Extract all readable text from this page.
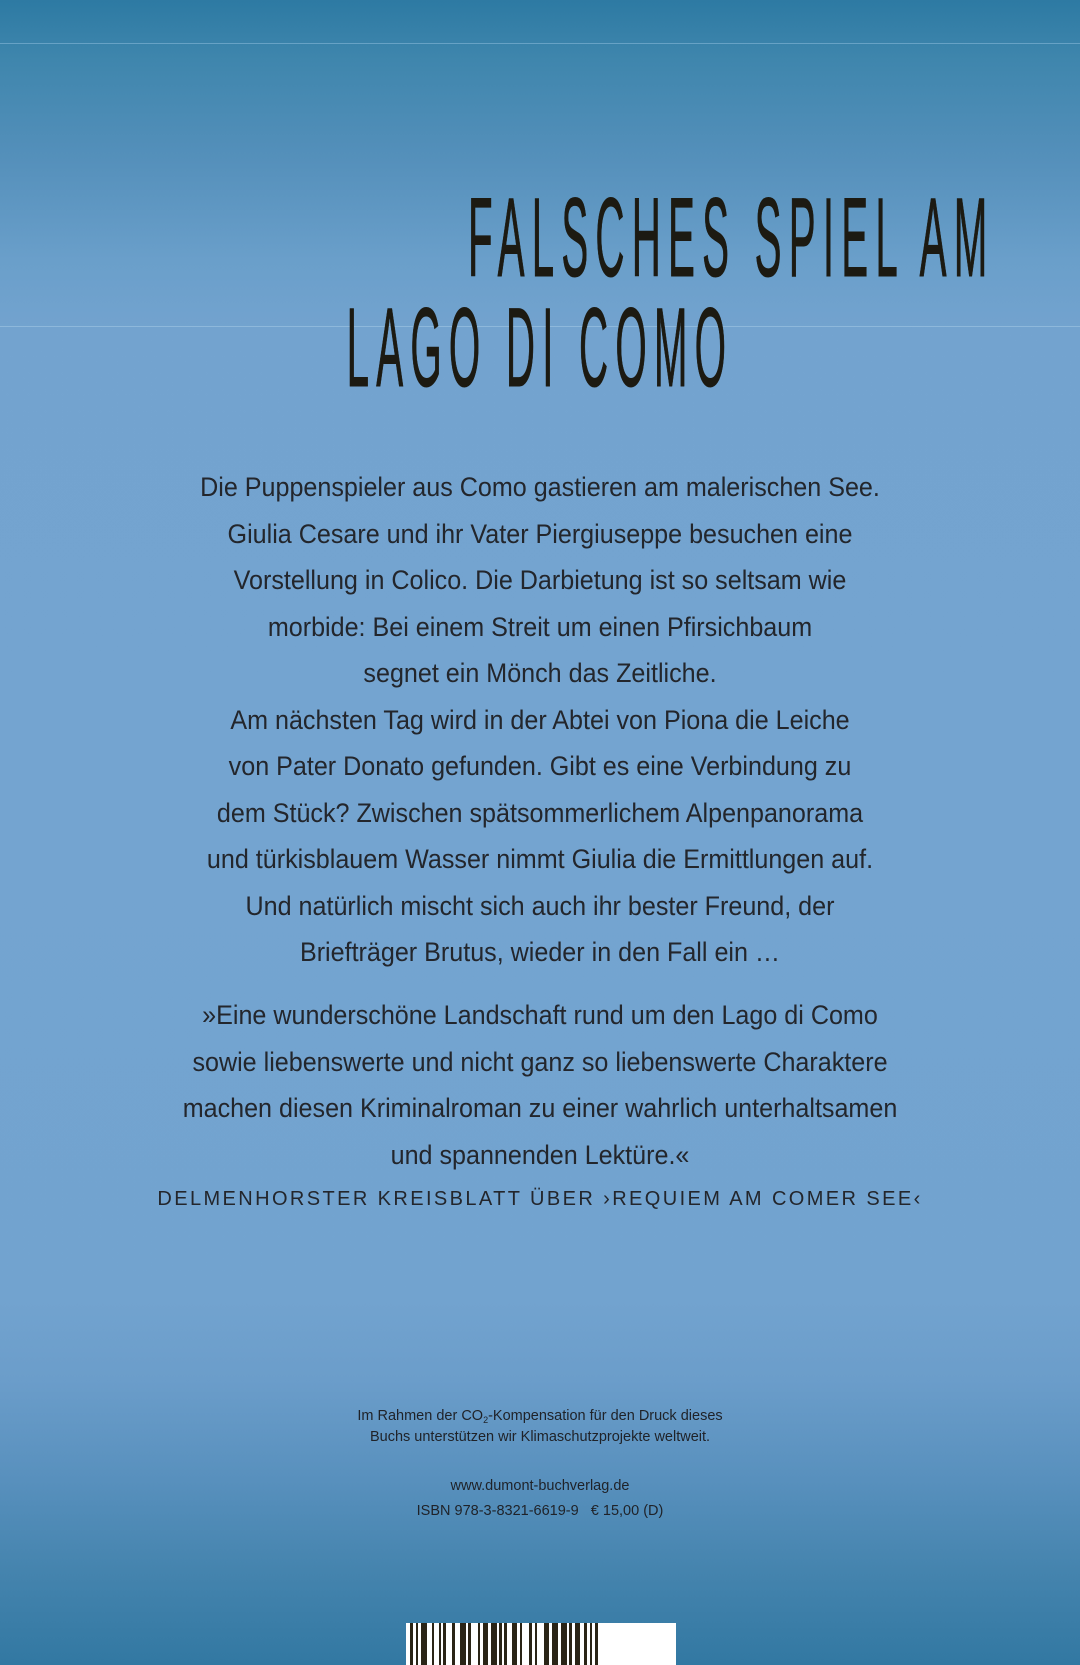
FALSCHES SPIEL AM
LAGO DI COMO
Die Puppenspieler aus Como gastieren am malerischen See.
Giulia Cesare und ihr Vater Piergiuseppe besuchen eine
Vorstellung in Colico. Die Darbietung ist so seltsam wie
morbide: Bei einem Streit um einen Pfirsichbaum
segnet ein Mönch das Zeitliche.
Am nächsten Tag wird in der Abtei von Piona die Leiche
von Pater Donato gefunden. Gibt es eine Verbindung zu
dem Stück? Zwischen spätsommerlichem Alpenpanorama
und türkisblauem Wasser nimmt Giulia die Ermittlungen auf.
Und natürlich mischt sich auch ihr bester Freund, der
Briefträger Brutus, wieder in den Fall ein …
»Eine wunderschöne Landschaft rund um den Lago di Como
sowie liebenswerte und nicht ganz so liebenswerte Charaktere
machen diesen Kriminalroman zu einer wahrlich unterhaltsamen
und spannenden Lektüre.«
DELMENHORSTER KREISBLATT ÜBER ›REQUIEM AM COMER SEE‹
Im Rahmen der $CO_2$-Kompensation für den Druck dieses
Buchs unterstützen wir Klimaschutzprojekte weltweit.
www.dumont-buchverlag.de
ISBN 978-3-8321-6619-9 € 15,00 (D)
